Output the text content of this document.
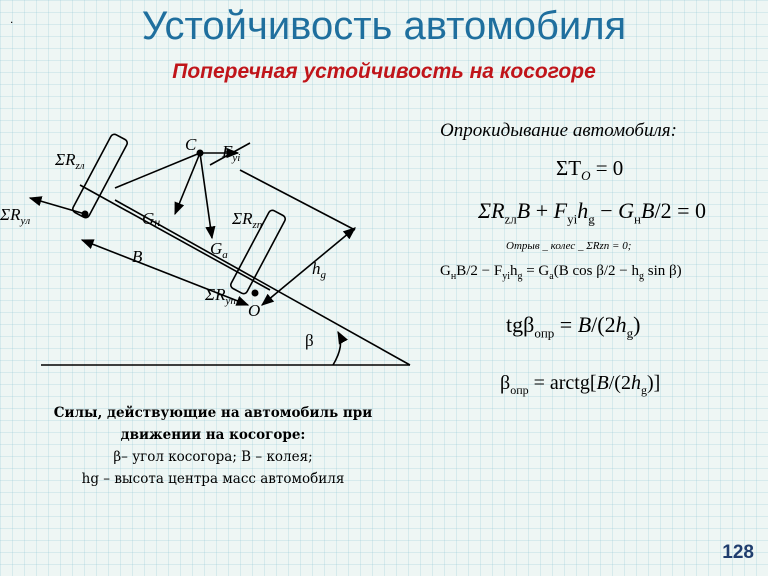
.	Устойчивость автомобиля
Поперечная устойчивость на косогоре
C $F_{yi}$
$\Sigma R_{zл}$
$\Sigma R_{yл}$	Gн	$\Sigma R_{zп}$
$G_a$
B
$h_g$
$\Sigma R_{yп}$ O
β
Опрокидывание автомобиля:
$\Sigma T_O = 0$
$\Sigma R_{zл}B + F_{yi}h_g - G_нB/2 = 0$
Отрыв _ колес _ ΣRzп = 0;
$G_нB/2 - F_{yi}h_g = G_a(B$ $\cos \beta/2 - h_g$ sin β)
$tg\beta_{опр} = B/(2h_g)$
$\beta_{опр}$ = $arctg[B/(2h_g)]$
Силы, действующие на автомобиль при движении на косогоре:
β– угол косогора; B – колея;
hg – высота центра масс автомобиля
128
